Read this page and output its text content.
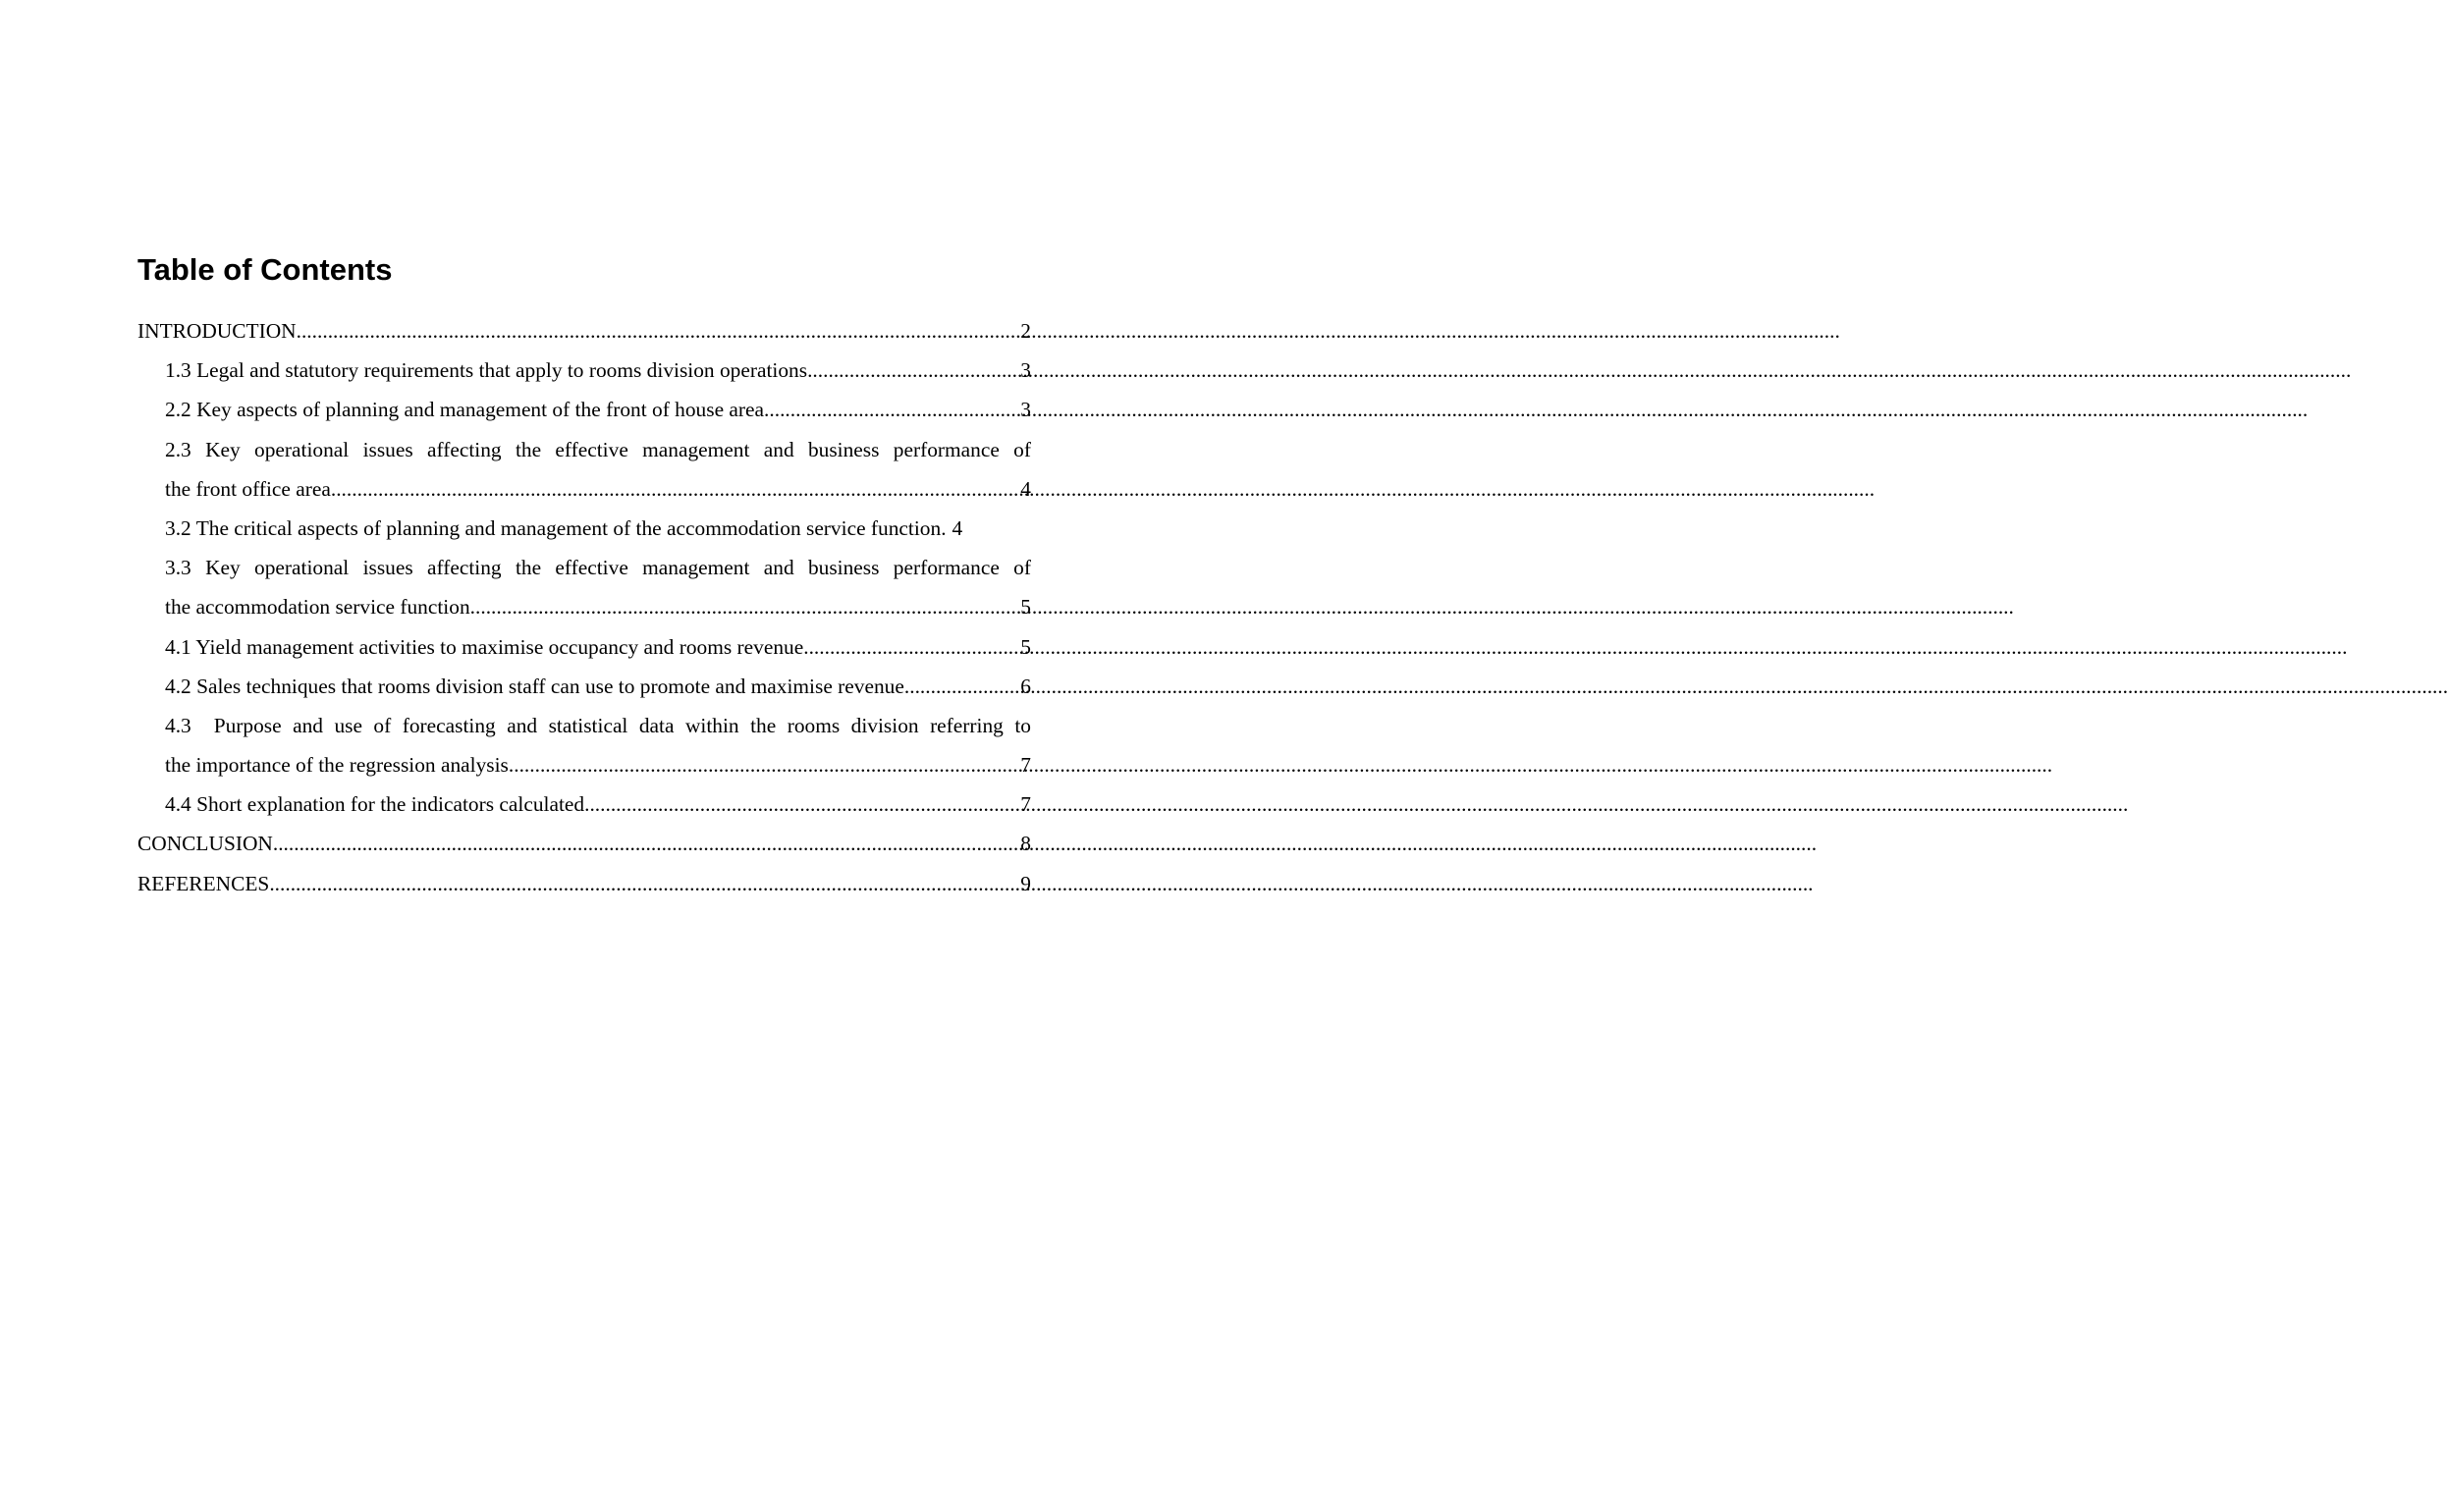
Table of Contents
INTRODUCTION .....	2
1.3 Legal and statutory requirements that apply to rooms division operations .....	3
2.2 Key aspects of planning and management of the front of house area .....	3
2.3 Key operational issues affecting the effective management and business performance of
the front office area .....	4
3.2 The critical aspects of planning and management of the accommodation service function. 4
3.3 Key operational issues affecting the effective management and business performance of
the accommodation service function .....	5
4.1 Yield management activities to maximise occupancy and rooms revenue .....	5
4.2 Sales techniques that rooms division staff can use to promote and maximise revenue .....	6
4.3  Purpose and use of forecasting and statistical data within the rooms division referring to
the importance of the regression analysis .....	7
4.4 Short explanation for the indicators calculated .....	7
CONCLUSION .....	8
REFERENCES .....	9
